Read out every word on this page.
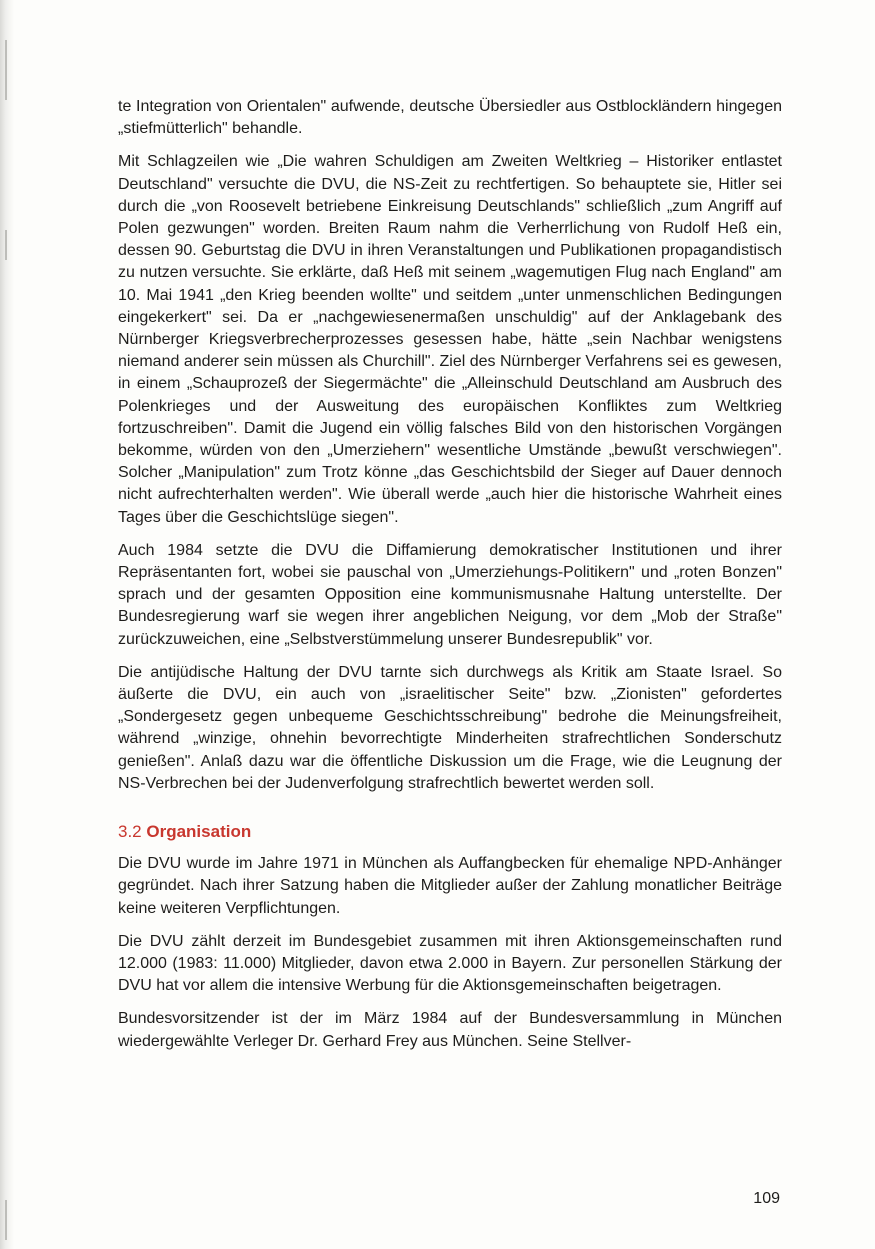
te Integration von Orientalen" aufwende, deutsche Übersiedler aus Ostblockländern hingegen „stiefmütterlich" behandle.

Mit Schlagzeilen wie „Die wahren Schuldigen am Zweiten Weltkrieg – Historiker entlastet Deutschland" versuchte die DVU, die NS-Zeit zu rechtfertigen. So behauptete sie, Hitler sei durch die „von Roosevelt betriebene Einkreisung Deutschlands" schließlich „zum Angriff auf Polen gezwungen" worden. Breiten Raum nahm die Verherrlichung von Rudolf Heß ein, dessen 90. Geburtstag die DVU in ihren Veranstaltungen und Publikationen propagandistisch zu nutzen versuchte. Sie erklärte, daß Heß mit seinem „wagemutigen Flug nach England" am 10. Mai 1941 „den Krieg beenden wollte" und seitdem „unter unmenschlichen Bedingungen eingekerkert" sei. Da er „nachgewiesenermaßen unschuldig" auf der Anklagebank des Nürnberger Kriegsverbrecherprozesses gesessen habe, hätte „sein Nachbar wenigstens niemand anderer sein müssen als Churchill". Ziel des Nürnberger Verfahrens sei es gewesen, in einem „Schauprozeß der Siegermächte" die „Alleinschuld Deutschland am Ausbruch des Polenkrieges und der Ausweitung des europäischen Konfliktes zum Weltkrieg fortzuschreiben". Damit die Jugend ein völlig falsches Bild von den historischen Vorgängen bekomme, würden von den „Umerziehern" wesentliche Umstände „bewußt verschwiegen". Solcher „Manipulation" zum Trotz könne „das Geschichtsbild der Sieger auf Dauer dennoch nicht aufrechterhalten werden". Wie überall werde „auch hier die historische Wahrheit eines Tages über die Geschichtslüge siegen".

Auch 1984 setzte die DVU die Diffamierung demokratischer Institutionen und ihrer Repräsentanten fort, wobei sie pauschal von „Umerziehungs-Politikern" und „roten Bonzen" sprach und der gesamten Opposition eine kommunismusnahe Haltung unterstellte. Der Bundesregierung warf sie wegen ihrer angeblichen Neigung, vor dem „Mob der Straße" zurückzuweichen, eine „Selbstverstümmelung unserer Bundesrepublik" vor.

Die antijüdische Haltung der DVU tarnte sich durchwegs als Kritik am Staate Israel. So äußerte die DVU, ein auch von „israelitischer Seite" bzw. „Zionisten" gefordertes „Sondergesetz gegen unbequeme Geschichtsschreibung" bedrohe die Meinungsfreiheit, während „winzige, ohnehin bevorrechtigte Minderheiten strafrechtlichen Sonderschutz genießen". Anlaß dazu war die öffentliche Diskussion um die Frage, wie die Leugnung der NS-Verbrechen bei der Judenverfolgung strafrechtlich bewertet werden soll.

3.2 Organisation

Die DVU wurde im Jahre 1971 in München als Auffangbecken für ehemalige NPD-Anhänger gegründet. Nach ihrer Satzung haben die Mitglieder außer der Zahlung monatlicher Beiträge keine weiteren Verpflichtungen.

Die DVU zählt derzeit im Bundesgebiet zusammen mit ihren Aktionsgemeinschaften rund 12.000 (1983: 11.000) Mitglieder, davon etwa 2.000 in Bayern. Zur personellen Stärkung der DVU hat vor allem die intensive Werbung für die Aktionsgemeinschaften beigetragen.

Bundesvorsitzender ist der im März 1984 auf der Bundesversammlung in München wiedergewählte Verleger Dr. Gerhard Frey aus München. Seine Stellver-

109
